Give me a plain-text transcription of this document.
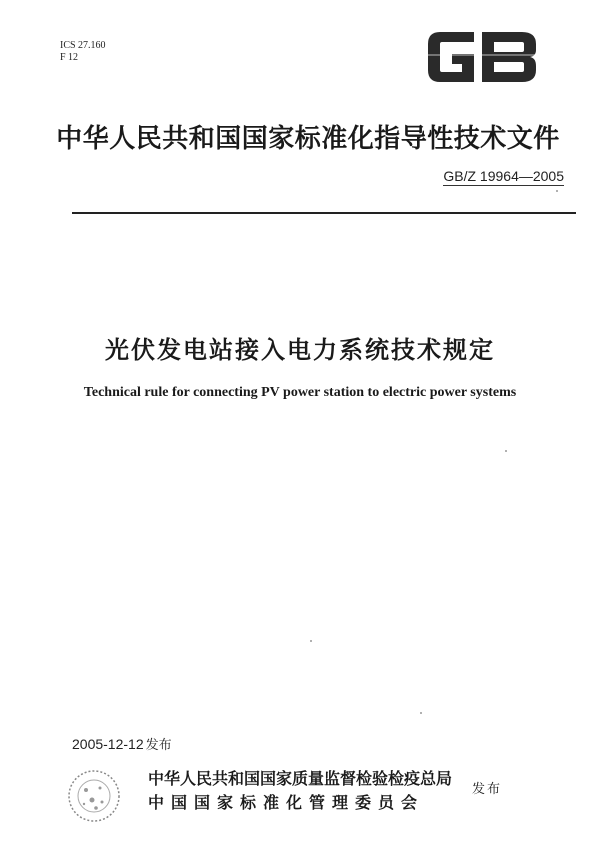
ICS 27.160
F 12
中华人民共和国国家标准化指导性技术文件
GB/Z 19964—2005
光伏发电站接入电力系统技术规定
Technical rule for connecting PV power station to electric power systems
2005-12-12 发布
中华人民共和国国家质量监督检验检疫总局
中国国家标准化管理委员会
发布
